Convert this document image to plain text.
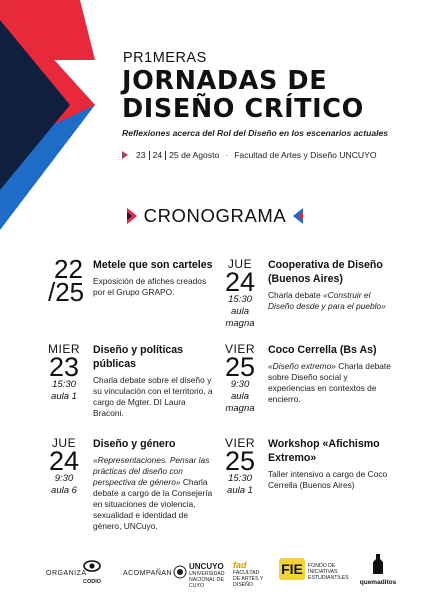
PR1MERAS
JORNADAS DE
DISEÑO CRÍTICO
Reflexiones acerca del Rol del Diseño en los escenarios actuales
23 24 25 de Agosto · Facultad de Artes y Diseño UNCUYO
CRONOGRAMA
22
/25
Metele que son carteles
Exposición de afiches creados por el Grupo GRAPO.
JUE
24
15:30
aula magna
Cooperativa de Diseño (Buenos Aires)
Charla debate «Construir el Diseño desde y para el pueblo»
MIER
23
15:30
aula 1
Diseño y políticas públicas
Charla debate sobre el diseño y su vinculación con el territorio, a cargo de Mgter. DI Laura Braconi.
VIER
25
9:30
aula magna
Coco Cerrella (Bs As)
«Diseño extremo» Charla debate sobre Diseño social y experiencias en contextos de encierro.
JUE
24
9:30
aula 6
Diseño y género
«Representaciones. Pensar las prácticas del diseño con perspectiva de género» Charla debate a cargo de la Consejería en situaciones de violencia, sexualidad e identidad de género, UNCuyo.
VIER
25
15:30
aula 1
Workshop «Afichismo Extremo»
Taller intensivo a cargo de Coco Cerrella (Buenos Aires)
ORGANIZA
CODIO
ACOMPAÑAN
UNCUYO
UNIVERSIDAD NACIONAL DE CUYO
fad
FACULTAD DE ARTES Y DISEÑO
FIE FONDO DE INICIATIVAS ESTUDIANTILES
quemaditos
